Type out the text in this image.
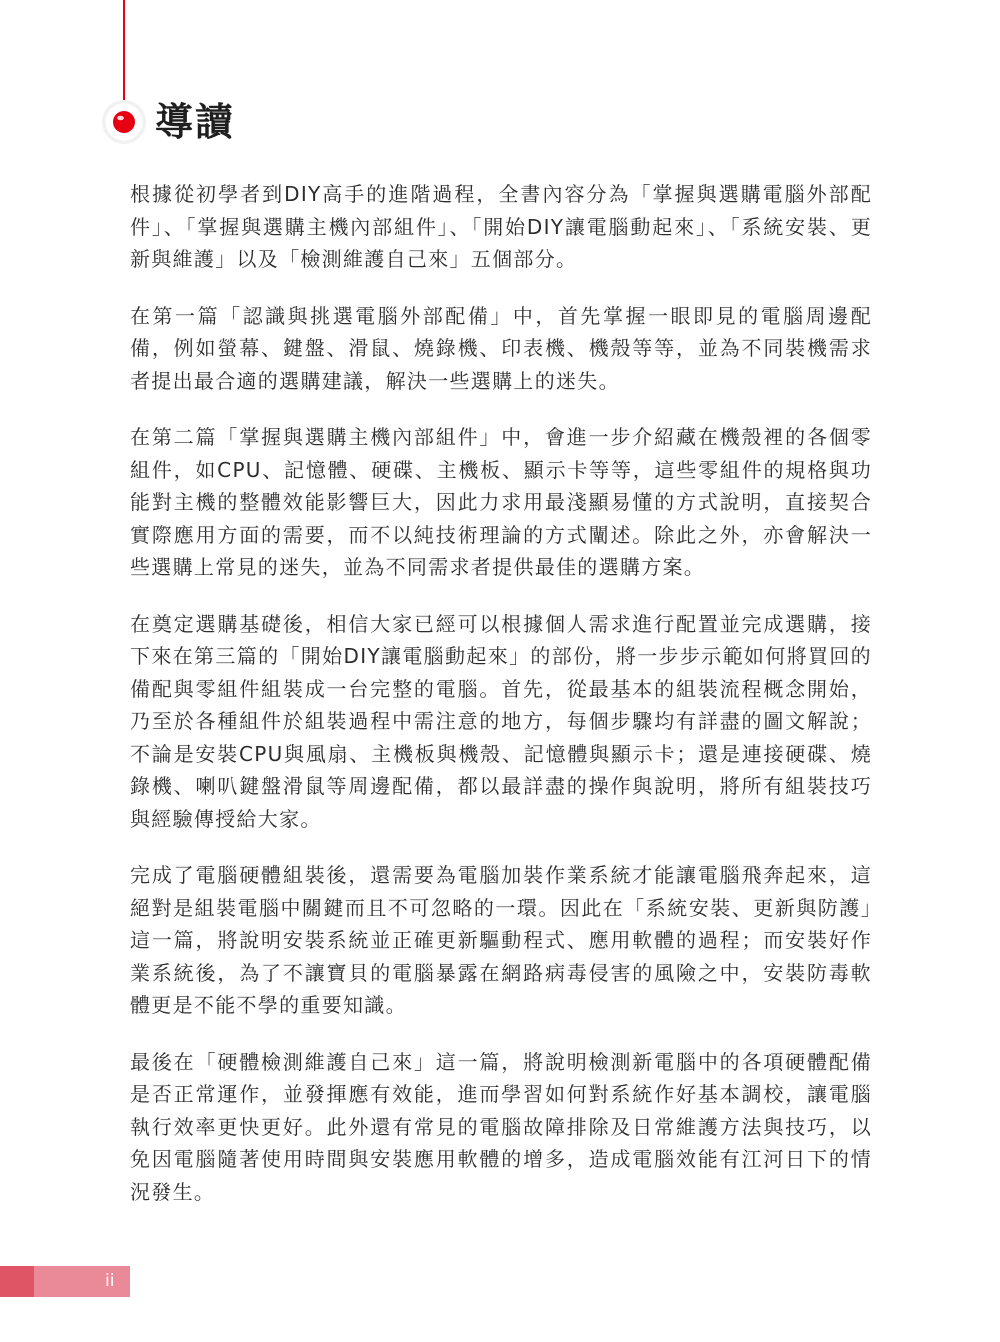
導讀

根據從初學者到DIY高手的進階過程，全書內容分為「掌握與選購電腦外部配件」、「掌握與選購主機內部組件」、「開始DIY讓電腦動起來」、「系統安裝、更新與維護」以及「檢測維護自己來」五個部分。

在第一篇「認識與挑選電腦外部配備」中，首先掌握一眼即見的電腦周邊配備，例如螢幕、鍵盤、滑鼠、燒錄機、印表機、機殼等等，並為不同裝機需求者提出最合適的選購建議，解決一些選購上的迷失。

在第二篇「掌握與選購主機內部組件」中，會進一步介紹藏在機殼裡的各個零組件，如CPU、記憶體、硬碟、主機板、顯示卡等等，這些零組件的規格與功能對主機的整體效能影響巨大，因此力求用最淺顯易懂的方式說明，直接契合實際應用方面的需要，而不以純技術理論的方式闡述。除此之外，亦會解決一些選購上常見的迷失，並為不同需求者提供最佳的選購方案。

在奠定選購基礎後，相信大家已經可以根據個人需求進行配置並完成選購，接下來在第三篇的「開始DIY讓電腦動起來」的部份，將一步步示範如何將買回的備配與零組件組裝成一台完整的電腦。首先，從最基本的組裝流程概念開始，乃至於各種組件於組裝過程中需注意的地方，每個步驟均有詳盡的圖文解說；不論是安裝CPU與風扇、主機板與機殼、記憶體與顯示卡；還是連接硬碟、燒錄機、喇叭鍵盤滑鼠等周邊配備，都以最詳盡的操作與說明，將所有組裝技巧與經驗傳授給大家。

完成了電腦硬體組裝後，還需要為電腦加裝作業系統才能讓電腦飛奔起來，這絕對是組裝電腦中關鍵而且不可忽略的一環。因此在「系統安裝、更新與防護」這一篇，將說明安裝系統並正確更新驅動程式、應用軟體的過程；而安裝好作業系統後，為了不讓寶貝的電腦暴露在網路病毒侵害的風險之中，安裝防毒軟體更是不能不學的重要知識。

最後在「硬體檢測維護自己來」這一篇，將說明檢測新電腦中的各項硬體配備是否正常運作，並發揮應有效能，進而學習如何對系統作好基本調校，讓電腦執行效率更快更好。此外還有常見的電腦故障排除及日常維護方法與技巧，以免因電腦隨著使用時間與安裝應用軟體的增多，造成電腦效能有江河日下的情況發生。

ii
